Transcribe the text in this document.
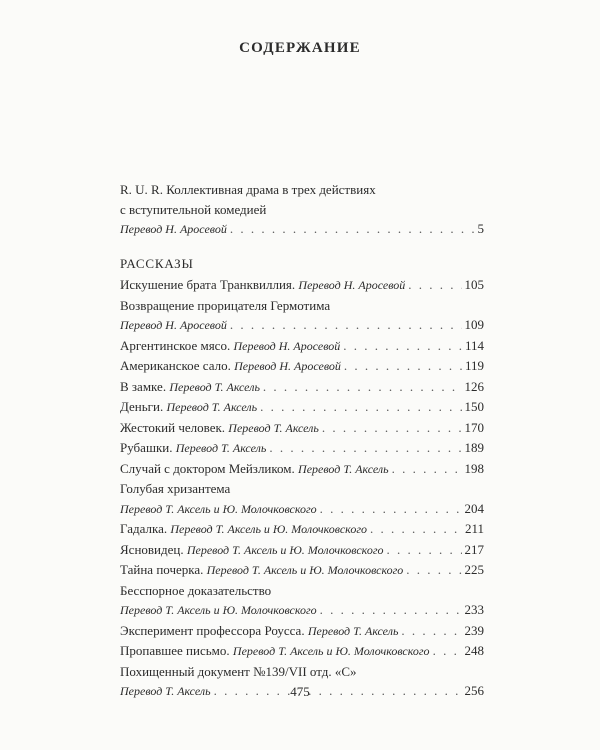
СОДЕРЖАНИЕ
R. U. R. Коллективная драма в трех действиях
с вступительной комедией
Перевод Н. Аросевой . . .	5
РАССКАЗЫ
Искушение брата Транквиллия. Перевод Н. Аросевой . . .	105
Возвращение прорицателя Гермотима
Перевод Н. Аросевой . . .	109
Аргентинское мясо. Перевод Н. Аросевой . . .	114
Американское сало. Перевод Н. Аросевой . . .	119
В замке. Перевод Т. Аксель . . .	126
Деньги. Перевод Т. Аксель . . .	150
Жестокий человек. Перевод Т. Аксель . . .	170
Рубашки. Перевод Т. Аксель . . .	189
Случай с доктором Мейзликом. Перевод Т. Аксель . . .	198
Голубая хризантема
Перевод Т. Аксель и Ю. Молочковского . . .	204
Гадалка. Перевод Т. Аксель и Ю. Молочковского . . .	211
Ясновидец. Перевод Т. Аксель и Ю. Молочковского . . .	217
Тайна почерка. Перевод Т. Аксель и Ю. Молочковского . . .	225
Бесспорное доказательство
Перевод Т. Аксель и Ю. Молочковского . . .	233
Эксперимент профессора Роусса. Перевод Т. Аксель . . .	239
Пропавшее письмо. Перевод Т. Аксель и Ю. Молочковского . . .	248
Похищенный документ №139/VII отд. «С»
Перевод Т. Аксель . . .	256
475
